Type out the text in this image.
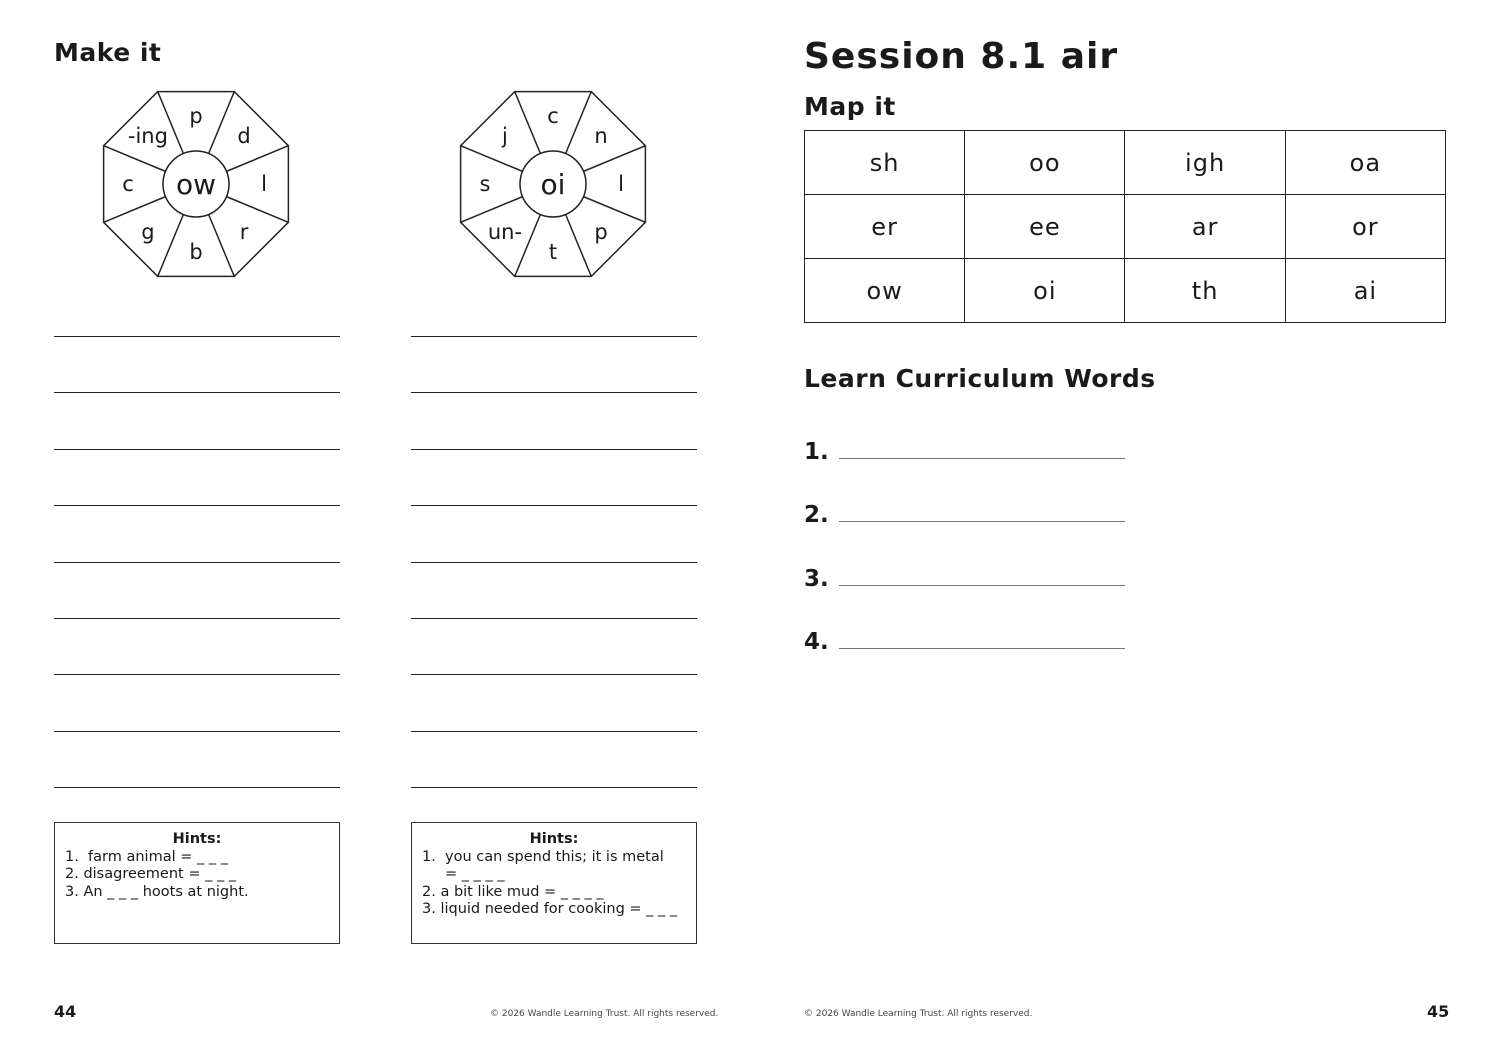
Make it
ow
p
d
l
r
b
g
c
-ing
oi
c
n
l
p
t
un-
s
j
Hints:
1.  farm animal = _ _ _
2. disagreement = _ _ _
3. An _ _ _ hoots at night.
Hints:
1.  you can spend this; it is metal
= _ _ _ _
2. a bit like mud = _ _ _ _
3. liquid needed for cooking = _ _ _
44	© 2026 Wandle Learning Trust. All rights reserved.
Session 8.1 air
Map it
sh	oo	igh	oa
er	ee	ar	or
ow	oi	th	ai
Learn Curriculum Words
1.
2.
3.
4.
© 2026 Wandle Learning Trust. All rights reserved.	45
